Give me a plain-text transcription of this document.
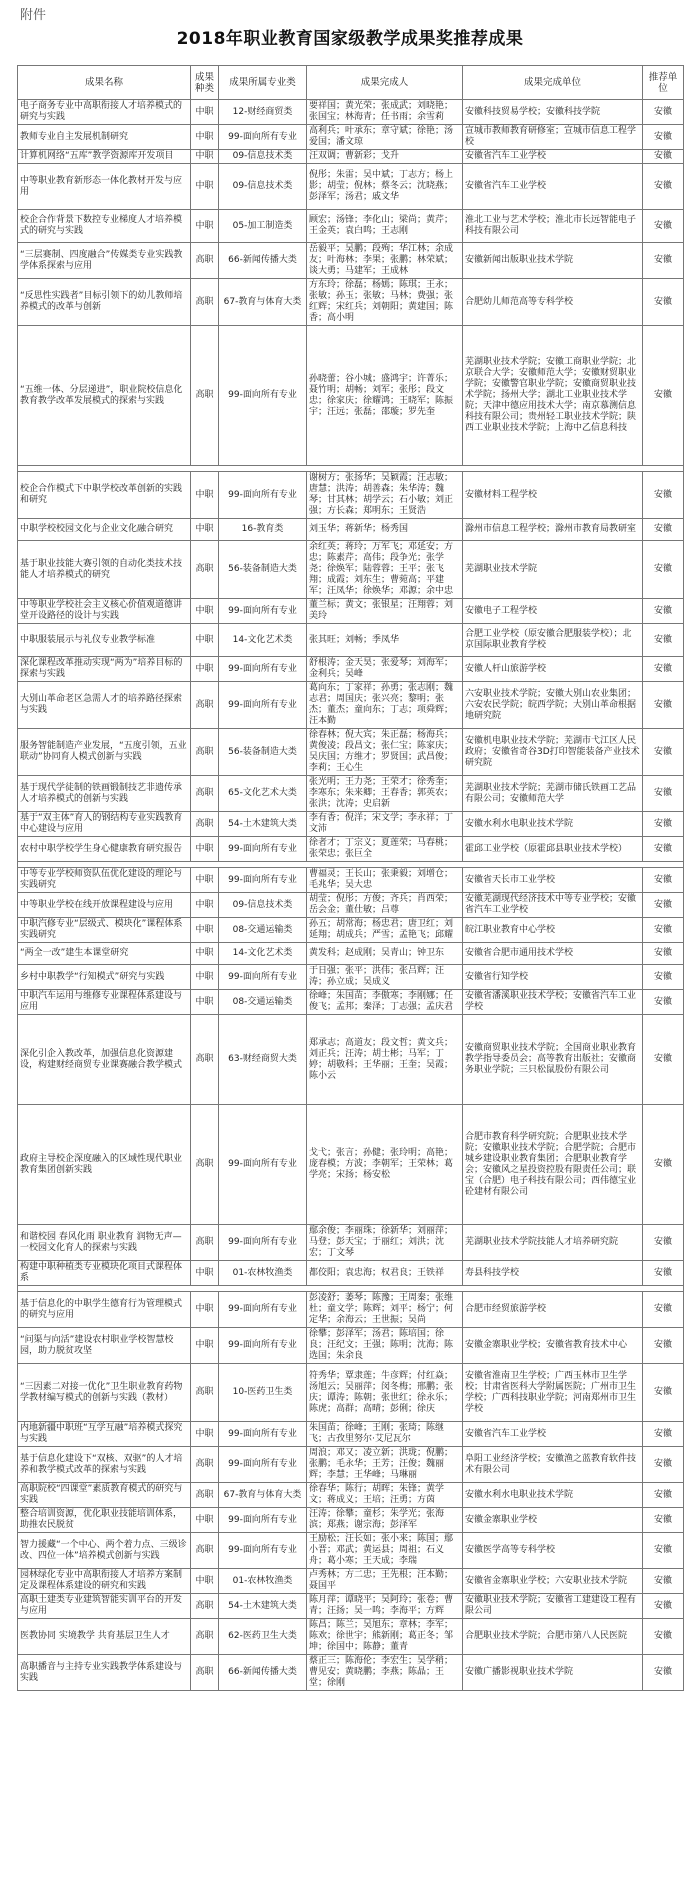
附件
2018年职业教育国家级教学成果奖推荐成果
成果名称	成果种类	成果所属专业类	成果完成人	成果完成单位	推荐单位
电子商务专业中高职衔接人才培养模式的研究与实践	中职	12-财经商贸类	要祥国；黄光荣；张成武；刘晓艳；张国宝；林海青；任书雨；余雪莉	安徽科技贸易学校；安徽科技学院	安徽
教师专业自主发展机制研究	中职	99-面向所有专业	高利兵；叶承东；章守斌；徐艳；汤爱国；潘文琼	宣城市教师教育研修室；宣城市信息工程学校	安徽
计算机网络“五库”教学资源库开发项目	中职	09-信息技术类	汪双调；曹新彩；戈升	安徽省汽车工业学校	安徽
中等职业教育新形态一体化教材开发与应用	中职	09-信息技术类	倪彤；朱雷；吴中斌；丁志方；杨上影；胡莹；倪林；蔡冬云；沈晓燕；彭泽军；汤君；戚文华	安徽省汽车工业学校	安徽
校企合作背景下数控专业梯度人才培养模式的研究与实践	中职	05-加工制造类	顾宏；汤锋；李化山；梁尚；黄芹；王金英；袁白鸣；王志刚	淮北工业与艺术学校；淮北市长远智能电子科技有限公司	安徽
“三层赛制、四度融合”传媒类专业实践教学体系探索与应用	高职	66-新闻传播大类	岳毅平；吴鹏；段殉；华江林；余成友；叶海林；李果；张鹏；林荣斌；谈大勇；马建军；王成林	安徽新闻出版职业技术学院	安徽
“反思性实践者”目标引领下的幼儿教师培养模式的改革与创新	高职	67-教育与体育大类	方东玲；徐磊；杨嫣；陈琪；王永；张敏；孙玉；张敏；马林；费强；张红辉；宋红兵；刘朝阳；黄建国；陈香；高小明	合肥幼儿师范高等专科学校	安徽
“五维一体、分层递进”，职业院校信息化教育教学改革发展模式的探索与实践	高职	99-面向所有专业	孙晓蕾；谷小城；盛鸿宇；许菁乐；聂竹明；胡畅；刘军；张彤；段文忠；徐家庆；徐耀鸿；王晓军；陈振宇；汪远；张磊；邵璇；罗先奎	芜湖职业技术学院；安徽工商职业学院；北京联合大学；安徽师范大学；安徽财贸职业学院；安徽警官职业学院；安徽商贸职业技术学院；扬州大学；湖北工业职业技术学院；天津中德应用技术大学；南京慕测信息科技有限公司；贵州轻工职业技术学院；陕西工业职业技术学院；上海中乙信息科技	安徽

校企合作模式下中职学校改革创新的实践和研究	中职	99-面向所有专业	谢树方；张扬华；吴颖霞；汪志敏；唐慧；洪涛；胡善森；朱华涛；魏琴；甘其林；胡学云；石小敏；刘正强；方长森；郑明东；王贤浩	安徽材料工程学校	安徽
中职学校校园文化与企业文化融合研究	中职	16-教育类	刘玉华；蒋新华；杨秀国	滁州市信息工程学校；滁州市教育局教研室	安徽
基于职业技能大赛引领的自动化类技术技能人才培养模式的研究	高职	56-装备制造大类	余红英；蒋玲；万军飞；邓延安；方忠；陈素芹；高伟；段争光；张学尧；徐焕军；陆蓉蓉；王平；张飞翔；成霞；刘东生；曹菀高；平建军；汪凤华；徐焕华；邓源；余中忠	芜湖职业技术学院	安徽
中等职业学校社会主义核心价值观道德讲堂开设路径的设计与实践	中职	99-面向所有专业	董兰标；黄文；张银星；汪翔蓉；刘美玲	安徽电子工程学校	安徽
中职服装展示与礼仪专业教学标准	中职	14-文化艺术类	张其旺；刘畅；季凤华	合肥工业学校（原安徽合肥服装学校）；北京国际职业教育学校	安徽
深化课程改革推动实现“两为”培养目标的探索与实践	中职	99-面向所有专业	舒根涛；金天昊；张爱琴；刘海军；金利兵；吴峰	安徽人杆山旅游学校	安徽
大别山革命老区急需人才的培养路径探索与实践	高职	99-面向所有专业	葛向东；丁家祥；孙勇；张志刚；魏志君；周国庆；张兴亮；黎明；张杰；董杰；童向东；丁志；项舜辉；汪本勤	六安职业技术学院；安徽大别山农业集团；六安农民学院；皖西学院；大别山革命根据地研究院	安徽
服务智能制造产业发展，“五度引领，五业联动”协同育人模式创新与实践	高职	56-装备制造大类	徐春林；倪大宾；朱正磊；杨海兵；黄俊凌；段昌文；张仁宝；陈家庆；吴庆国；方维才；罗贤国；武昌俊；李莉；王心生	安徽机电职业技术学院；芜湖市弋江区人民政府；安徽省奇谷3D打印智能装备产业技术研究院	安徽
基于现代学徒制的铁画锻制技艺非遗传承人才培养模式的创新与实践	高职	65-文化艺术大类	张光明；王力尧；王荣才；徐秀奎；李寒东；朱来卿；王春香；郭英农；张洪；沈涛；史启新	芜湖职业技术学院；芜湖市储氏铁画工艺品有限公司；安徽师范大学	安徽
基于“双主体”育人的钢结构专业实践教育中心建设与应用	高职	54-土木建筑大类	李有香；倪洋；宋文学；李永祥；丁文沛	安徽水利水电职业技术学院	安徽
农村中职学校学生身心健康教育研究报告	中职	99-面向所有专业	徐者才；丁宗义；夏莲荣；马春桃；张荣忠；张巨全	霍邱工业学校（原霍邱县职业技术学校）	安徽

中等专业学校师资队伍优化建设的理论与实践研究	中职	99-面向所有专业	曹福灵；王长山；张秉毅；刘增仓；毛兆华；吴大忠	安徽省天长市工业学校	安徽
中等职业学校在线开放课程建设与应用	中职	09-信息技术类	胡莹；倪彤；方俊；齐兵；肖西荣；岳会金；董仕敏；吕尊	安徽芜湖现代经济技术中等专业学校；安徽省汽车工业学校	安徽
中职汽修专业“层级式、模块化”课程体系实践研究	中职	08-交通运输类	孙五；胡常海；杨忠君；唐卫红；刘延翔；胡成兵；严雪；孟艳飞；邱耀	皖江职业教育中心学校	安徽
“两全一改”建生本课堂研究	中职	14-文化艺术类	黄发科；赵成刚；吴青山；钟卫东	安徽省合肥市通用技术学校	安徽
乡村中职教学“行知模式”研究与实践	中职	99-面向所有专业	于日强；张平；洪伟；张吕辉；汪涛；孙立成；吴成义	安徽省行知学校	安徽
中职汽车运用与维修专业课程体系建设与应用	中职	08-交通运输类	徐峰；朱国苗；李傲寒；李刚娜；任俊飞；孟邦；秦泽；丁志强；孟庆君	安徽省潘溪职业技术学校；安徽省汽车工业学校	安徽
深化引企入教改革，加强信息化资源建设，构建财经商贸专业课赛融合教学模式	高职	63-财经商贸大类	郑承志；高道友；段文哲；黄文兵；刘正兵；汪涛；胡士彬；马军；丁婷；胡敬科；王华丽；王奎；吴霞；陈小云	安徽商贸职业技术学院；全国商业职业教育教学指导委员会；高等教育出版社；安徽商务职业学院；三只松鼠股份有限公司	安徽
政府主导校企深度融入的区域性现代职业教育集团创新实践	高职	99-面向所有专业	戈弋；张言；孙健；张玲明；高艳；庞春模；方波；李朝军；王荣林；葛学亮；宋扬；杨安松	合肥市教育科学研究院；合肥职业技术学院；安徽职业技术学院；合肥学院；合肥市城乡建设职业教育集团；合肥职业教育学会；安徽风之星投资控股有限责任公司；联宝（合肥）电子科技有限公司；西伟德宝业砼建材有限公司	安徽
和谐校园 春风化雨 职业教育 润物无声—一校园文化育人的探索与实践	高职	99-面向所有专业	鄢余俊；李丽珠；徐新华；刘丽萍；马登；彭天宝；于丽红；刘洪；沈宏；丁文琴	芜湖职业技术学院技能人才培养研究院	安徽
构建中职种植类专业模块化项目式课程体系	中职	01-农林牧渔类	都佼阳；袁忠海；权君良；王铁祥	寿县科技学校	安徽

基于信息化的中职学生德育行为管理模式的研究与应用	中职	99-面向所有专业	彭凌舒；萎琴；陈豫；王周秦；张维杜；童文学；陈辉；刘平；杨宁；何定华；余海云；王世振；吴尚	合肥市经贸旅游学校	安徽
“问渠与向活”建设农村职业学校智慧校园，助力脱贫攻坚	中职	99-面向所有专业	徐攀；彭泽军；汤君；陈培国；徐良；汪纪文；王强；陈明；沈海；陈选国；朱余良	安徽金寨职业学校；安徽省教育技术中心	安徽
“三因素二对接一优化”卫生职业教育药物学教材编写模式的创新与实践（教材）	高职	10-医药卫生类	符秀华；覃隶莲；牛彦辉；付红焱；汤旭云；吴丽萍；闵冬梅；邢鹏；张庆；谭涛；陈朝；张世红；徐永乐；陈虎；高群；高晴；彭俐；徐庆	安徽省淮南卫生学校；广西玉林市卫生学校；甘肃省医科大学附属医院；广州市卫生学校；广西科技职业学院；河南郑州市卫生学校	安徽
内地新疆中职班“互学互融”培养模式探究与实践	中职	99-面向所有专业	朱国苗；徐峰；王刚；张琦；陈继飞；古孜里努尔·艾尼瓦尔	安徽省汽车工业学校	安徽
基于信息化建设下“双核、双驱”的人才培养和教学模式改革的探索与实践	高职	99-面向所有专业	周浪；邓又；凌立新；洪珑；倪鹏；张鹏；毛永华；王芳；汪俊；魏丽辉；李慧；王华峰；马琳丽	阜阳工业经济学校；安徽渔之蓝教育软件技术有限公司	安徽
高职院校“四课堂”素质教育模式的研究与实践	高职	67-教育与体育大类	徐春华；陈行；胡晖；朱锋；黄学文；蒋成义；王培；汪勇；方茵	安徽水利水电职业技术学院	安徽
整合培训资源，优化职业技能培训体系，助推农民脱贫	中职	99-面向所有专业	汪涛；徐攀；童杉；朱学光；张海滨；郑燕；谢宗海；彭泽军	安徽金寨职业学校	安徽
智力援藏“一个中心、两个着力点、三级诊改、四位一体”培养模式创新与实践	高职	99-面向所有专业	王励松；汪长如；张小来；陈国；鄢小晋；邓武；黄运县；周祖；石义舟；葛小寒；王天成；李瑞	安徽医学高等专科学校	安徽
园林绿化专业中高职衔接人才培养方案制定及课程体系建设的研究和实践	中职	01-农林牧渔类	卢秀林；方二忠；王先根；汪本勤；聂国平	安徽省金寨职业学校；六安职业技术学院	安徽
高职土建类专业建筑智能实训平台的开发与应用	高职	54-土木建筑大类	陈月萍；谭晓平；吴阿玲；张卷；曹青；汪扬；吴一鸣；李海平；方辉	安徽职业技术学院；安徽省工建建设工程有限公司	安徽
医教协同 实境教学 共育基层卫生人才	高职	62-医药卫生大类	陈昌；陈兰；吴旭东；章林；李军；陈欢；徐世宇；熊新刚；葛正冬；邹坤；徐国中；陈静；董青	合肥职业技术学院；合肥市第八人民医院	安徽
高职播音与主持专业实践教学体系建设与实践	高职	66-新闻传播大类	蔡正三；陈海伦；李宏生；吴学稍；曹见安；黄晓鹏；李燕；陈晶；王堂；徐刚	安徽广播影视职业技术学院	安徽
